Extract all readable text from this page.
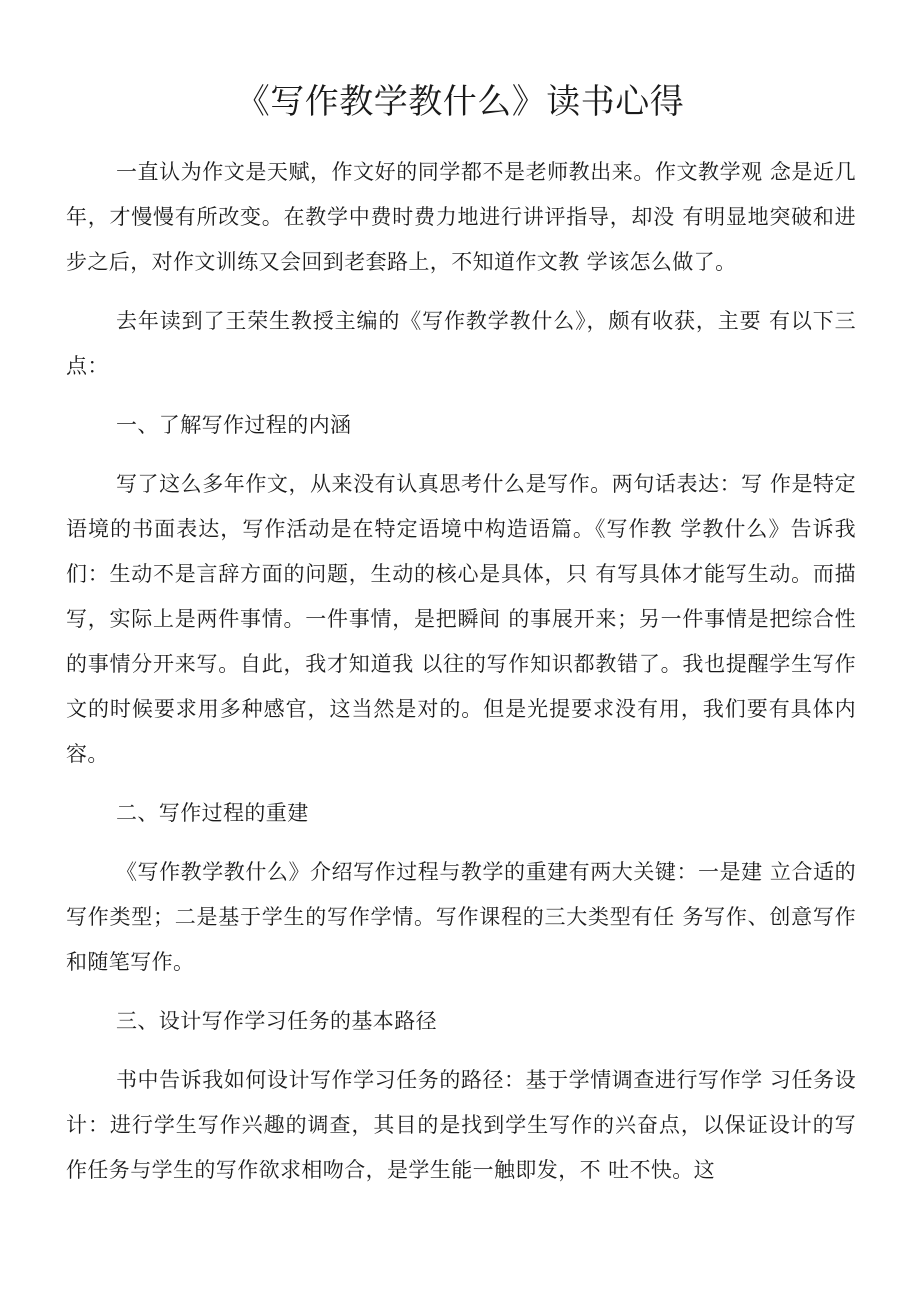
《写作教学教什么》读书心得

一直认为作文是天赋，作文好的同学都不是老师教出来。作文教学观 念是近几年，才慢慢有所改变。在教学中费时费力地进行讲评指导，却没 有明显地突破和进步之后，对作文训练又会回到老套路上，不知道作文教 学该怎么做了。

去年读到了王荣生教授主编的《写作教学教什么》，颇有收获，主要 有以下三点：

一、了解写作过程的内涵

写了这么多年作文，从来没有认真思考什么是写作。两句话表达：写 作是特定语境的书面表达，写作活动是在特定语境中构造语篇。《写作教 学教什么》告诉我们：生动不是言辞方面的问题，生动的核心是具体，只 有写具体才能写生动。而描写，实际上是两件事情。一件事情，是把瞬间 的事展开来；另一件事情是把综合性的事情分开来写。自此，我才知道我 以往的写作知识都教错了。我也提醒学生写作文的时候要求用多种感官，这当然是对的。但是光提要求没有用，我们要有具体内容。

二、写作过程的重建

《写作教学教什么》介绍写作过程与教学的重建有两大关键：一是建 立合适的写作类型；二是基于学生的写作学情。写作课程的三大类型有任 务写作、创意写作和随笔写作。

三、设计写作学习任务的基本路径

书中告诉我如何设计写作学习任务的路径：基于学情调查进行写作学 习任务设计：进行学生写作兴趣的调查，其目的是找到学生写作的兴奋点，以保证设计的写作任务与学生的写作欲求相吻合，是学生能一触即发，不 吐不快。这
